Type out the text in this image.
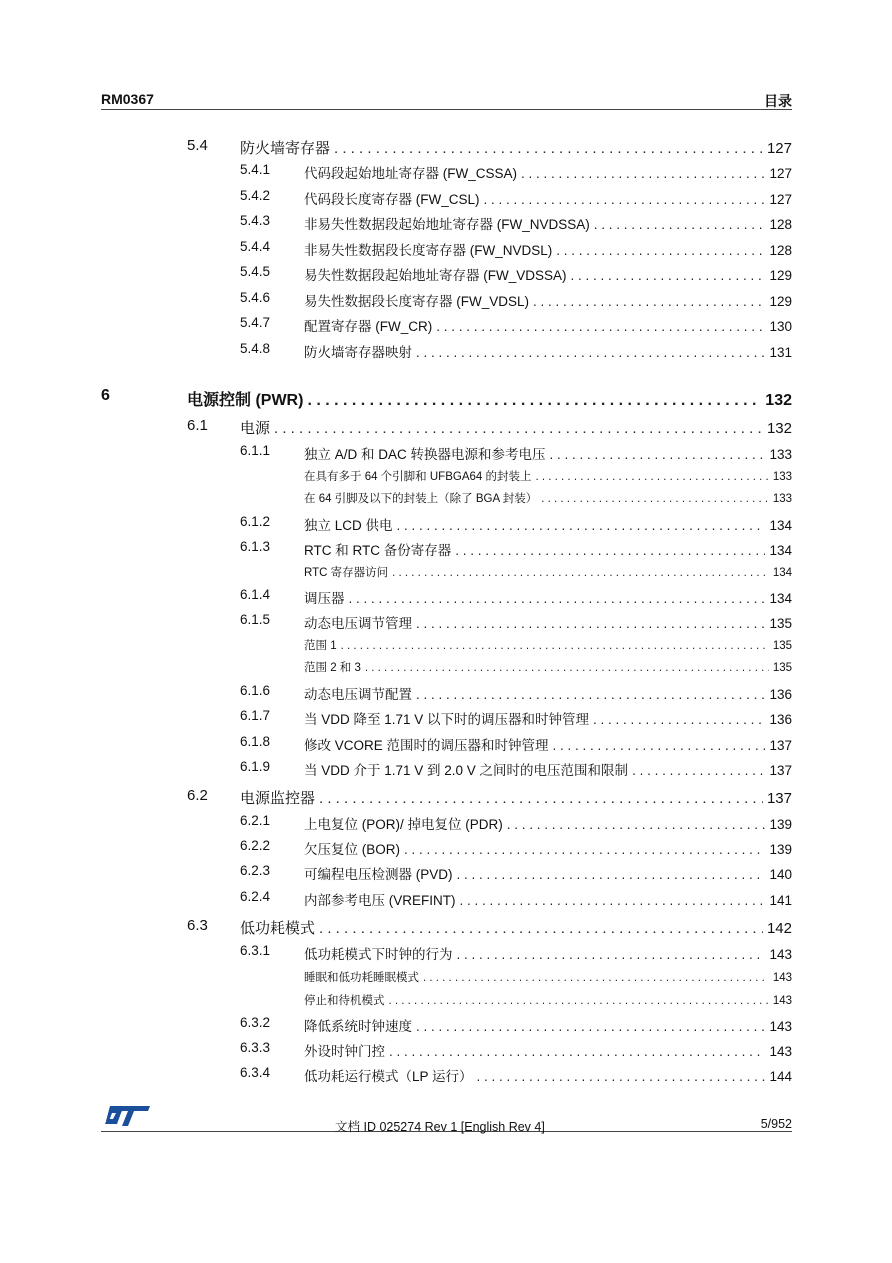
RM0367	目录
5.4 防火墙寄存器 . . .	127
5.4.1	代码段起始地址寄存器 (FW_CSSA) . . .	127
5.4.2	代码段长度寄存器 (FW_CSL) . . .	127
5.4.3	非易失性数据段起始地址寄存器 (FW_NVDSSA) . . .	128
5.4.4	非易失性数据段长度寄存器 (FW_NVDSL) . . .	128
5.4.5	易失性数据段起始地址寄存器 (FW_VDSSA) . . .	129
5.4.6	易失性数据段长度寄存器 (FW_VDSL) . . .	129
5.4.7	配置寄存器 (FW_CR) . . .	130
5.4.8	防火墙寄存器映射 . . .	131
6	电源控制 (PWR) . . .	132
6.1 电源 . . .	132
6.1.1	独立 A/D 和 DAC 转换器电源和参考电压 . . .	133
在具有多于 64 个引脚和 UFBGA64 的封装上 . . .	133
在 64 引脚及以下的封装上（除了 BGA 封装） . . .	133
6.1.2	独立 LCD 供电 . . .	134
6.1.3	RTC 和 RTC 备份寄存器 . . .	134
RTC 寄存器访问 . . .	134
6.1.4	调压器 . . .	134
6.1.5	动态电压调节管理 . . .	135
范围 1 . . .	135
范围 2 和 3 . . .	135
6.1.6	动态电压调节配置 . . .	136
6.1.7	当 VDD 降至 1.71 V 以下时的调压器和时钟管理 . . .	136
6.1.8	修改 VCORE 范围时的调压器和时钟管理 . . .	137
6.1.9	当 VDD 介于 1.71 V 到 2.0 V 之间时的电压范围和限制 . . .	137
6.2 电源监控器 . . .	137
6.2.1	上电复位 (POR)/ 掉电复位 (PDR) . . .	139
6.2.2	欠压复位 (BOR) . . .	139
6.2.3	可编程电压检测器 (PVD) . . .	140
6.2.4	内部参考电压 (VREFINT) . . .	141
6.3 低功耗模式 . . .	142
6.3.1	低功耗模式下时钟的行为 . . .	143
睡眠和低功耗睡眠模式 . . .	143
停止和待机模式 . . .	143
6.3.2	降低系统时钟速度 . . .	143
6.3.3	外设时钟门控 . . .	143
6.3.4	低功耗运行模式（LP 运行） . . .	144
文档 ID 025274 Rev 1 [English Rev 4]	5/952
